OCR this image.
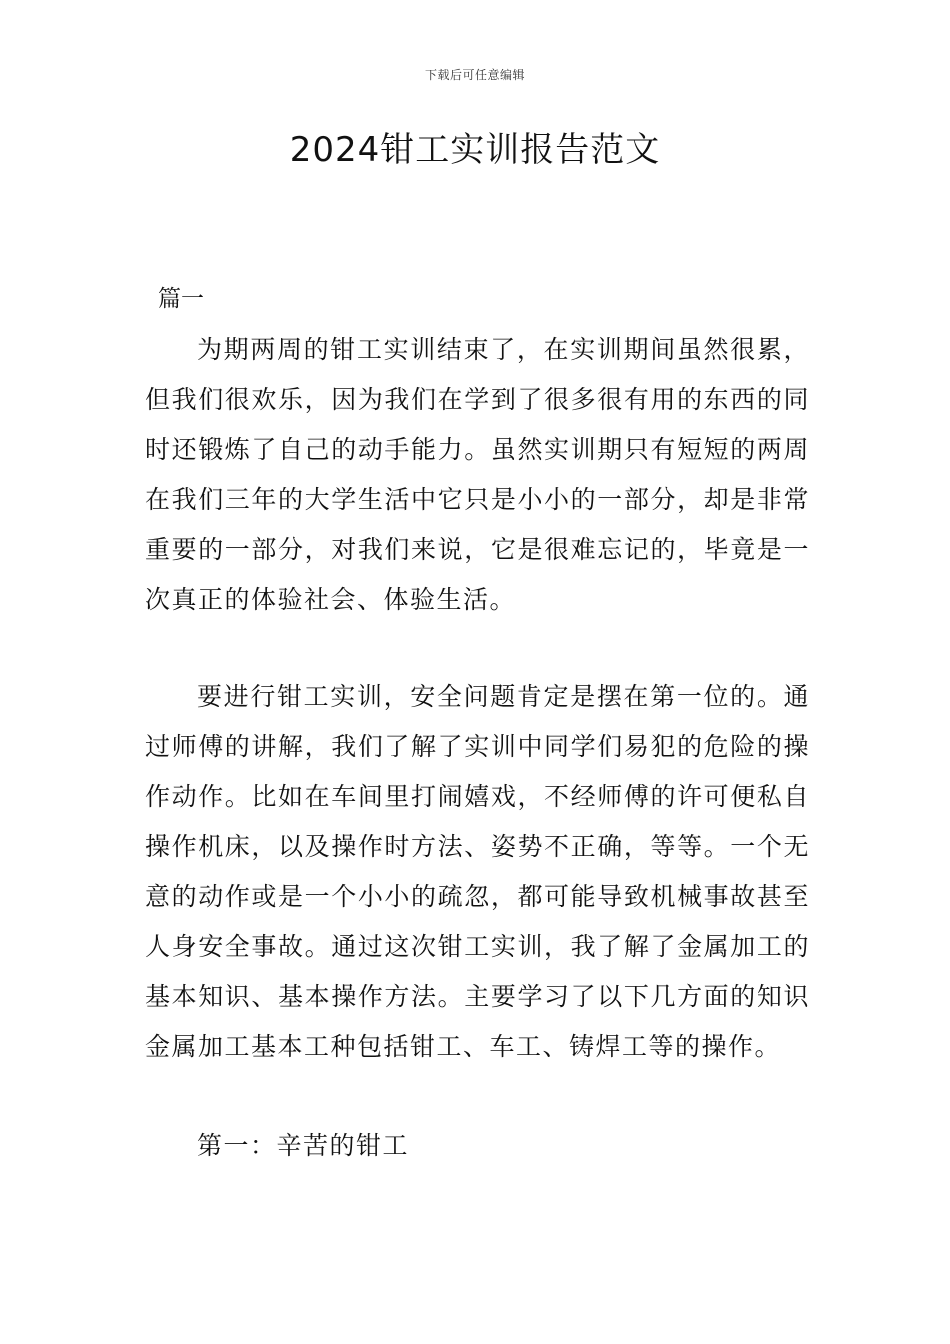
下载后可任意编辑
2024钳工实训报告范文
篇一

为期两周的钳工实训结束了，在实训期间虽然很累，但我们很欢乐，因为我们在学到了很多很有用的东西的同时还锻炼了自己的动手能力。虽然实训期只有短短的两周在我们三年的大学生活中它只是小小的一部分，却是非常重要的一部分，对我们来说，它是很难忘记的，毕竟是一次真正的体验社会、体验生活。

要进行钳工实训，安全问题肯定是摆在第一位的。通过师傅的讲解，我们了解了实训中同学们易犯的危险的操作动作。比如在车间里打闹嬉戏，不经师傅的许可便私自操作机床，以及操作时方法、姿势不正确，等等。一个无意的动作或是一个小小的疏忽，都可能导致机械事故甚至人身安全事故。通过这次钳工实训，我了解了金属加工的基本知识、基本操作方法。主要学习了以下几方面的知识金属加工基本工种包括钳工、车工、铸焊工等的操作。

第一：辛苦的钳工
